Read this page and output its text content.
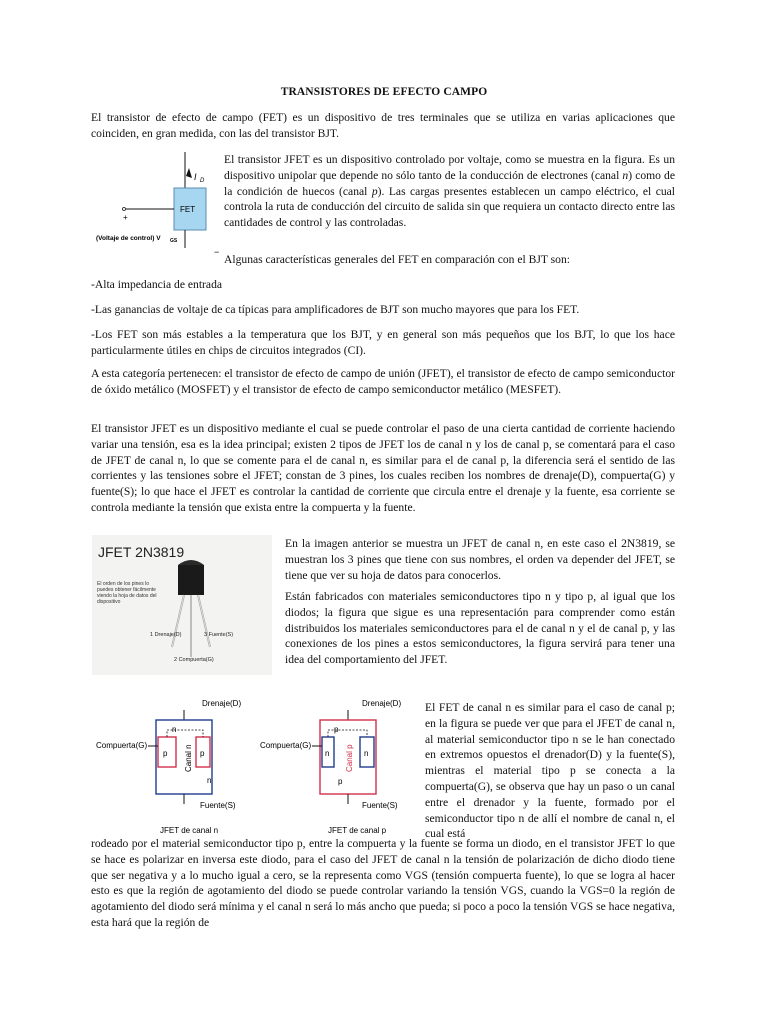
TRANSISTORES DE EFECTO CAMPO

El transistor de efecto de campo (FET) es un dispositivo de tres terminales que se utiliza en varias aplicaciones que coinciden, en gran medida, con las del transistor BJT.

I D
FET
+
−
(Voltaje de control) V GS

El transistor JFET es un dispositivo controlado por voltaje, como se muestra en la figura. Es un dispositivo unipolar que depende no sólo tanto de la conducción de electrones (canal n) como de la condición de huecos (canal p). Las cargas presentes establecen un campo eléctrico, el cual controla la ruta de conducción del circuito de salida sin que requiera un contacto directo entre las cantidades de control y las controladas.

Algunas características generales del FET en comparación con el BJT son:

-Alta impedancia de entrada

-Las ganancias de voltaje de ca típicas para amplificadores de BJT son mucho mayores que para los FET.

-Los FET son más estables a la temperatura que los BJT, y en general son más pequeños que los BJT, lo que los hace particularmente útiles en chips de circuitos integrados (CI).

A esta categoría pertenecen: el transistor de efecto de campo de unión (JFET), el transistor de efecto de campo semiconductor de óxido metálico (MOSFET) y el transistor de efecto de campo semiconductor metálico (MESFET).

El transistor JFET es un dispositivo mediante el cual se puede controlar el paso de una cierta cantidad de corriente haciendo variar una tensión, esa es la idea principal; existen 2 tipos de JFET los de canal n y los de canal p, se comentará para el caso de JFET de canal n, lo que se comente para el de canal n, es similar para el de canal p, la diferencia será el sentido de las corrientes y las tensiones sobre el JFET; constan de 3 pines, los cuales reciben los nombres de drenaje(D), compuerta(G) y fuente(S); lo que hace el JFET es controlar la cantidad de corriente que circula entre el drenaje y la fuente, esa corriente se controla mediante la tensión que exista entre la compuerta y la fuente.

JFET 2N3819
El orden de los pines lo puedes obtener fácilmente viendo la hoja de datos del dispositivo
1 Drenaje(D)	3 Fuente(S)
2 Compuerta(G)

En la imagen anterior se muestra un JFET de canal n, en este caso el 2N3819, se muestran los 3 pines que tiene con sus nombres, el orden va depender del JFET, se tiene que ver su hoja de datos para conocerlos.

Están fabricados con materiales semiconductores tipo n y tipo p, al igual que los diodos; la figura que sigue es una representación para comprender como están distribuidos los materiales semiconductores para el de canal n y el de canal p, y las conexiones de los pines a estos semiconductores, la figura servirá para tener una idea del comportamiento del JFET.

Drenaje(D)
n
n
p	p
Compuerta(G)	Canal n
Fuente(S)
JFET de canal n
Drenaje(D)
p
p
n	n
Compuerta(G)	Canal p
Fuente(S)
JFET de canal p

El FET de canal n es similar para el caso de canal p; en la figura se puede ver que para el JFET de canal n, al material semiconductor tipo n se le han conectado en extremos opuestos el drenador(D) y la fuente(S), mientras el material tipo p se conecta a la compuerta(G), se observa que hay un paso o un canal entre el drenador y la fuente, formado por el semiconductor tipo n de allí el nombre de canal n, el cual está

rodeado por el material semiconductor tipo p, entre la compuerta y la fuente se forma un diodo, en el transistor JFET lo que se hace es polarizar en inversa este diodo, para el caso del JFET de canal n la tensión de polarización de dicho diodo tiene que ser negativa y a lo mucho igual a cero, se la representa como VGS (tensión compuerta fuente), lo que se logra al hacer esto es que la región de agotamiento del diodo se puede controlar variando la tensión VGS, cuando la VGS=0 la región de agotamiento del diodo será mínima y el canal n será lo más ancho que pueda; si poco a poco la tensión VGS se hace negativa, esta hará que la región de
